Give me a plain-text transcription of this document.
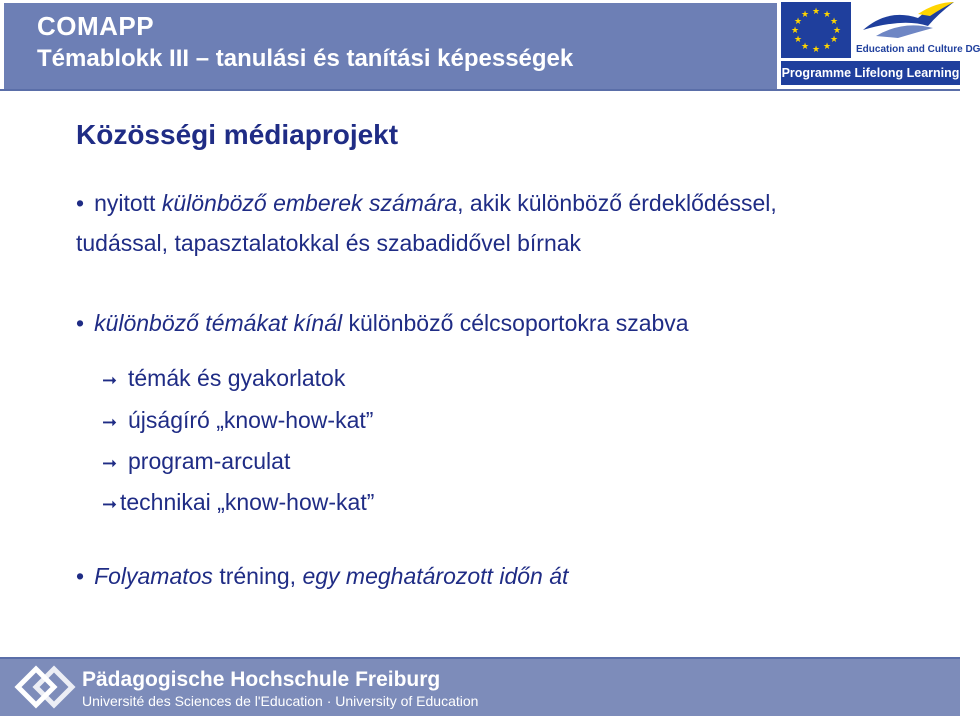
COMAPP
Témablokk III – tanulási és tanítási képességek
★ ★
★
★
★
★
★
★
★
★
★
★
Education and Culture DG
Programme Lifelong Learning
Közösségi médiaprojekt
• nyitott különböző emberek számára, akik különböző érdeklődéssel,
tudással, tapasztalatokkal és szabadidővel bírnak
• különböző témákat kínál különböző célcsoportokra szabva
➞ témák és gyakorlatok
➞ újságíró „know-how-kat”
➞ program-arculat
➞ technikai „know-how-kat”
• Folyamatos tréning, egy meghatározott időn át
Pädagogische Hochschule Freiburg
Université des Sciences de l'Education · University of Education
